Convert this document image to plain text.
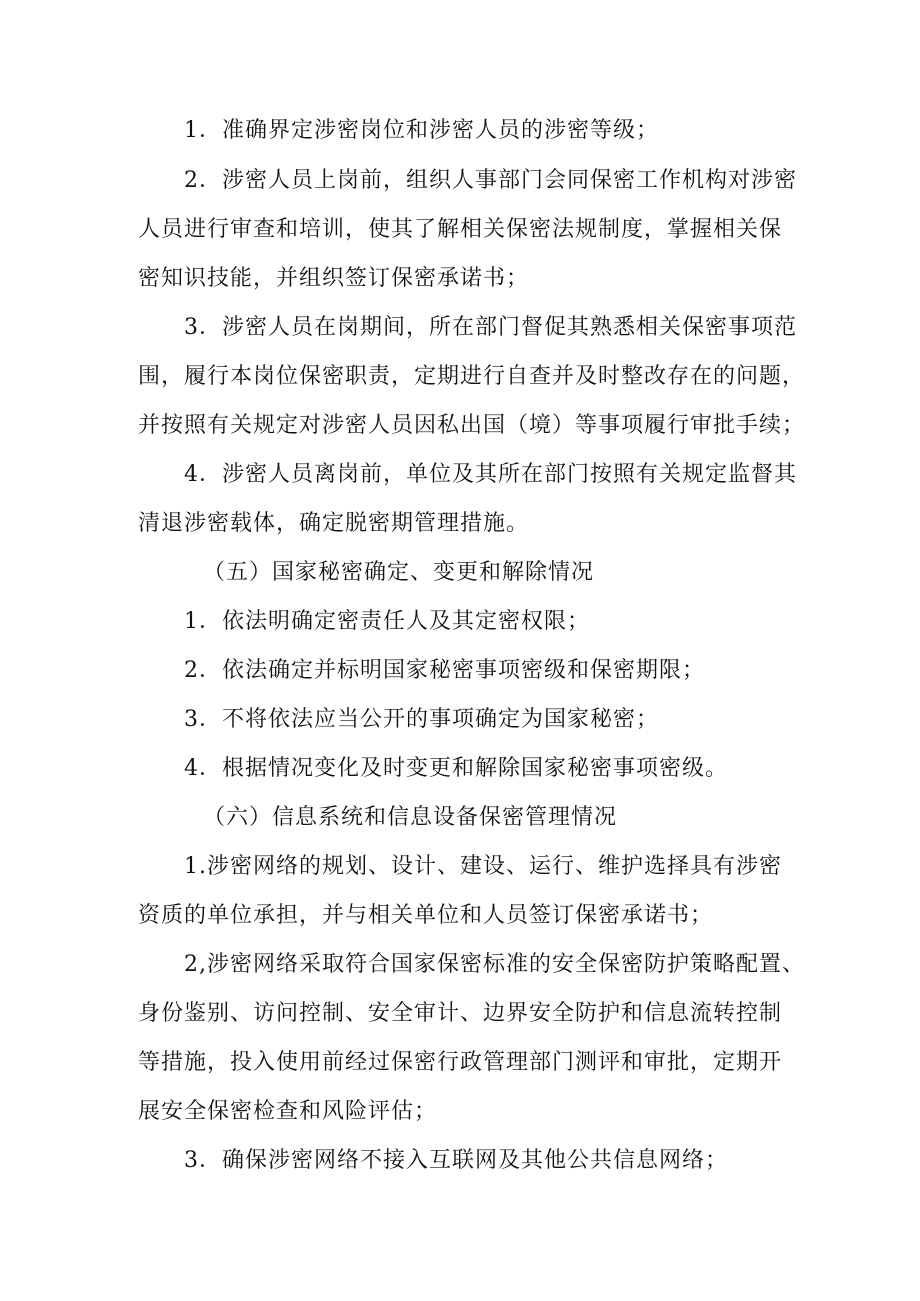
1．准确界定涉密岗位和涉密人员的涉密等级；
2．涉密人员上岗前，组织人事部门会同保密工作机构对涉密
人员进行审查和培训，使其了解相关保密法规制度，掌握相关保
密知识技能，并组织签订保密承诺书；
3．涉密人员在岗期间，所在部门督促其熟悉相关保密事项范
围，履行本岗位保密职责，定期进行自查并及时整改存在的问题，
并按照有关规定对涉密人员因私出国（境）等事项履行审批手续；
4．涉密人员离岗前，单位及其所在部门按照有关规定监督其
清退涉密载体，确定脱密期管理措施。
（五）国家秘密确定、变更和解除情况
1．依法明确定密责任人及其定密权限；
2．依法确定并标明国家秘密事项密级和保密期限；
3．不将依法应当公开的事项确定为国家秘密；
4．根据情况变化及时变更和解除国家秘密事项密级。
（六）信息系统和信息设备保密管理情况
1.涉密网络的规划、设计、建设、运行、维护选择具有涉密
资质的单位承担，并与相关单位和人员签订保密承诺书；
2,涉密网络采取符合国家保密标准的安全保密防护策略配置、
身份鉴别、访问控制、安全审计、边界安全防护和信息流转控制
等措施，投入使用前经过保密行政管理部门测评和审批，定期开
展安全保密检查和风险评估；
3．确保涉密网络不接入互联网及其他公共信息网络；
